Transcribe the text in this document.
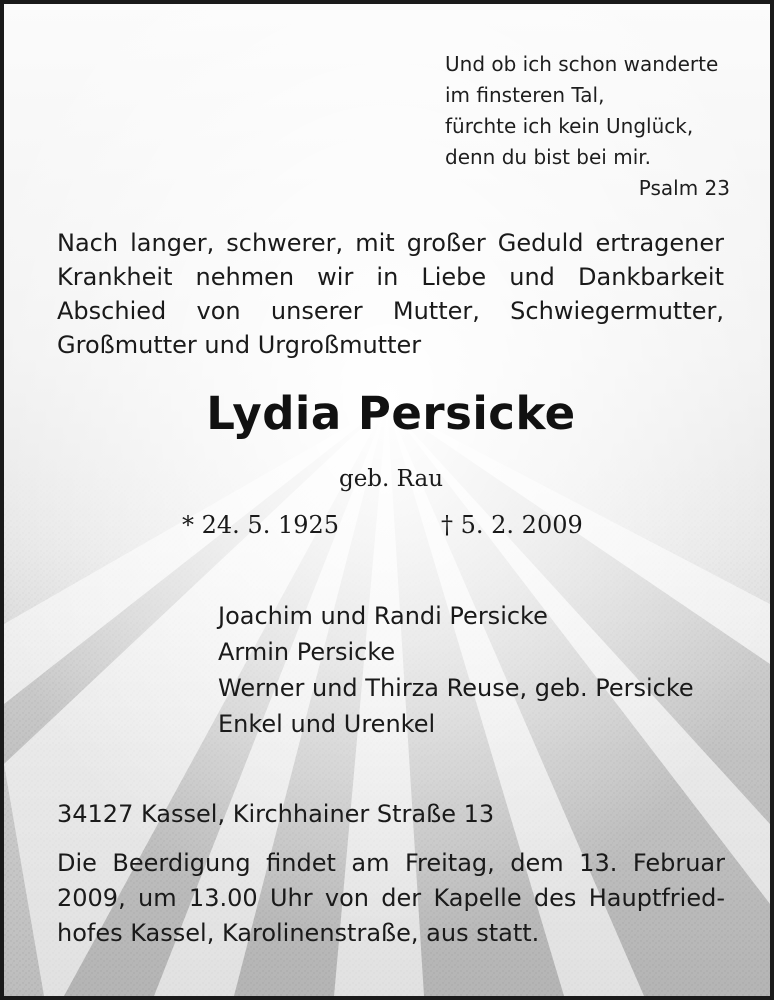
Und ob ich schon wanderte
im finsteren Tal,
fürchte ich kein Unglück,
denn du bist bei mir.
Psalm 23
Nach langer, schwerer, mit großer Geduld ertragener
Krankheit nehmen wir in Liebe und Dankbarkeit
Abschied von unserer Mutter, Schwiegermutter,
Großmutter und Urgroßmutter
Lydia Persicke
geb. Rau
* 24. 5. 1925	† 5. 2. 2009
Joachim und Randi Persicke
Armin Persicke
Werner und Thirza Reuse, geb. Persicke
Enkel und Urenkel
34127 Kassel, Kirchhainer Straße 13
Die Beerdigung findet am Freitag, dem 13. Februar
2009, um 13.00 Uhr von der Kapelle des Hauptfried-
hofes Kassel, Karolinenstraße, aus statt.
